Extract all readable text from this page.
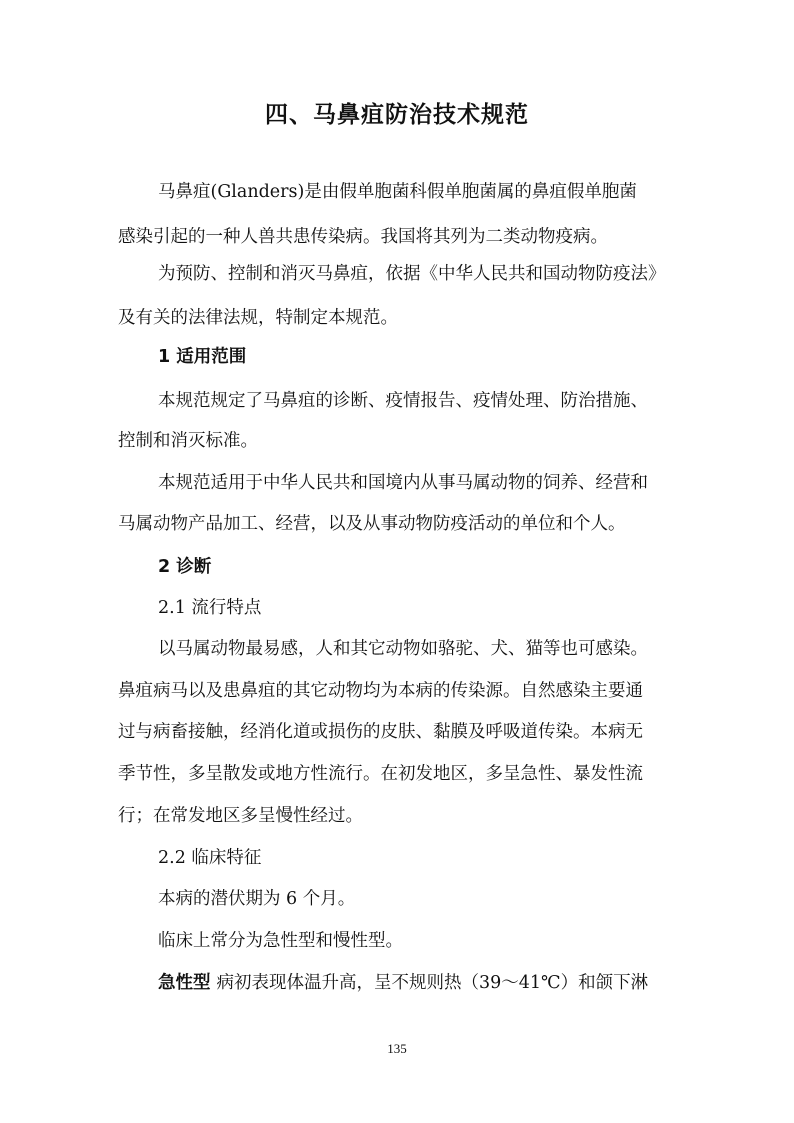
四、马鼻疽防治技术规范
马鼻疽(Glanders)是由假单胞菌科假单胞菌属的鼻疽假单胞菌
感染引起的一种人兽共患传染病。我国将其列为二类动物疫病。
为预防、控制和消灭马鼻疽，依据《中华人民共和国动物防疫法》
及有关的法律法规，特制定本规范。
1 适用范围
本规范规定了马鼻疽的诊断、疫情报告、疫情处理、防治措施、
控制和消灭标准。
本规范适用于中华人民共和国境内从事马属动物的饲养、经营和
马属动物产品加工、经营，以及从事动物防疫活动的单位和个人。
2 诊断
2.1 流行特点
以马属动物最易感，人和其它动物如骆驼、犬、猫等也可感染。
鼻疽病马以及患鼻疽的其它动物均为本病的传染源。自然感染主要通
过与病畜接触，经消化道或损伤的皮肤、黏膜及呼吸道传染。本病无
季节性，多呈散发或地方性流行。在初发地区，多呈急性、暴发性流
行；在常发地区多呈慢性经过。
2.2 临床特征
本病的潜伏期为 6 个月。
临床上常分为急性型和慢性型。
急性型 病初表现体温升高，呈不规则热（39～41℃）和颌下淋
135
